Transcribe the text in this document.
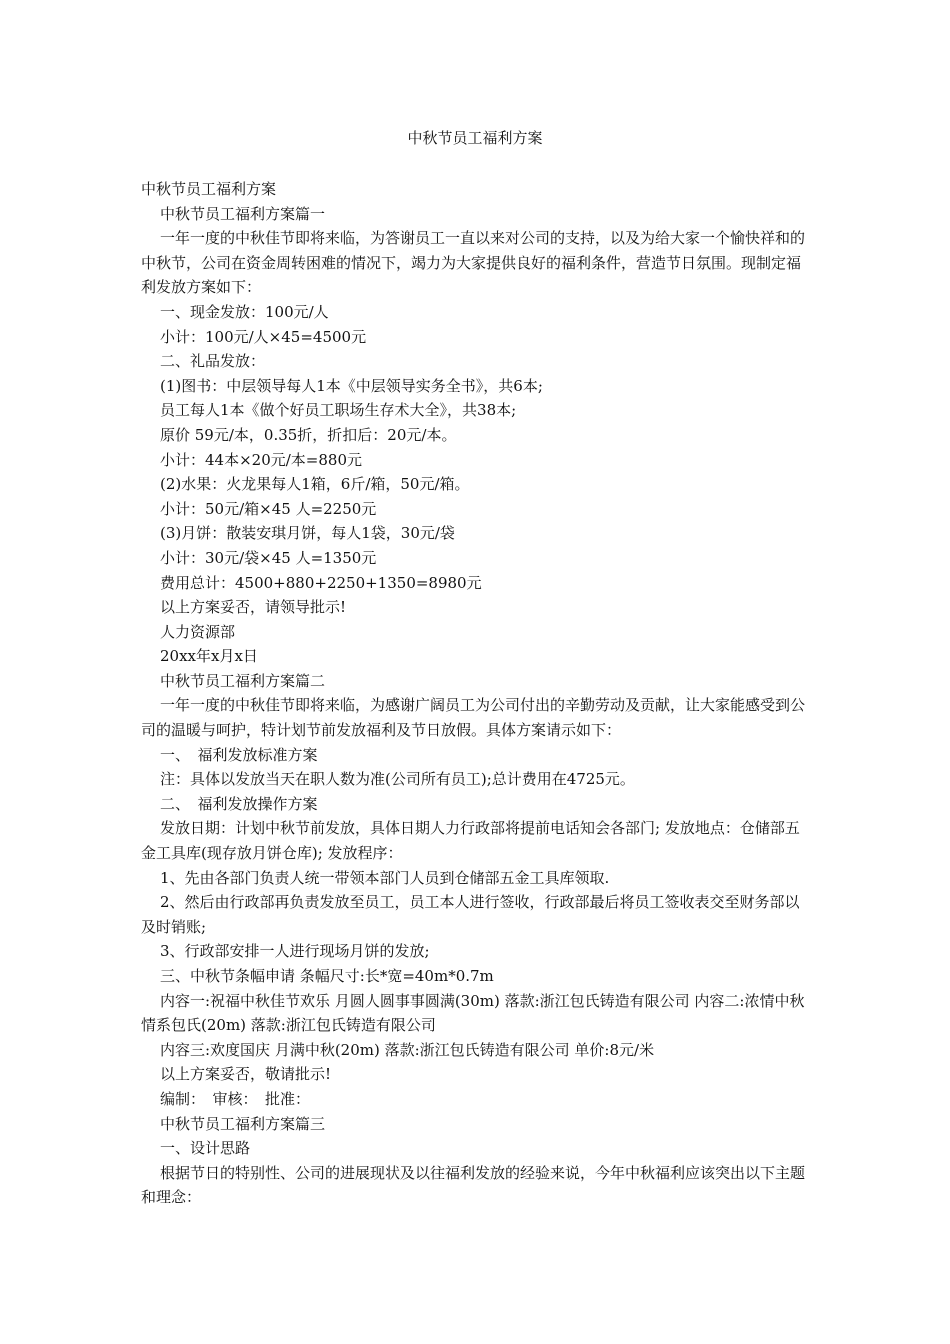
中秋节员工福利方案

中秋节员工福利方案

中秋节员工福利方案篇一

一年一度的中秋佳节即将来临，为答谢员工一直以来对公司的支持，以及为给大家一个愉快祥和的中秋节，公司在资金周转困难的情况下，竭力为大家提供良好的福利条件，营造节日氛围。现制定福利发放方案如下：

一、现金发放：100元/人

小计：100元/人×45=4500元

二、礼品发放：

(1)图书：中层领导每人1本《中层领导实务全书》，共6本;

员工每人1本《做个好员工职场生存术大全》，共38本;

原价 59元/本，0.35折，折扣后：20元/本。

小计：44本×20元/本=880元

(2)水果：火龙果每人1箱，6斤/箱，50元/箱。

小计：50元/箱×45 人=2250元

(3)月饼：散装安琪月饼，每人1袋，30元/袋

小计：30元/袋×45 人=1350元

费用总计：4500+880+2250+1350=8980元

以上方案妥否，请领导批示!

人力资源部

20xx年x月x日

中秋节员工福利方案篇二

一年一度的中秋佳节即将来临，为感谢广阔员工为公司付出的辛勤劳动及贡献，让大家能感受到公司的温暖与呵护，特计划节前发放福利及节日放假。具体方案请示如下：

一、　福利发放标准方案

注：具体以发放当天在职人数为准(公司所有员工);总计费用在4725元。

二、　福利发放操作方案

发放日期：计划中秋节前发放，具体日期人力行政部将提前电话知会各部门; 发放地点：仓储部五金工具库(现存放月饼仓库); 发放程序：

1、先由各部门负责人统一带领本部门人员到仓储部五金工具库领取.

2、然后由行政部再负责发放至员工，员工本人进行签收，行政部最后将员工签收表交至财务部以及时销账;

3、行政部安排一人进行现场月饼的发放;

三、中秋节条幅申请 条幅尺寸:长*宽=40m*0.7m

内容一:祝福中秋佳节欢乐 月圆人圆事事圆满(30m) 落款:浙江包氏铸造有限公司 内容二:浓情中秋 情系包氏(20m) 落款:浙江包氏铸造有限公司

内容三:欢度国庆 月满中秋(20m) 落款:浙江包氏铸造有限公司 单价:8元/米

以上方案妥否，敬请批示!

编制：　审核：　批准：

中秋节员工福利方案篇三

一、设计思路

根据节日的特别性、公司的进展现状及以往福利发放的经验来说，今年中秋福利应该突出以下主题和理念：
